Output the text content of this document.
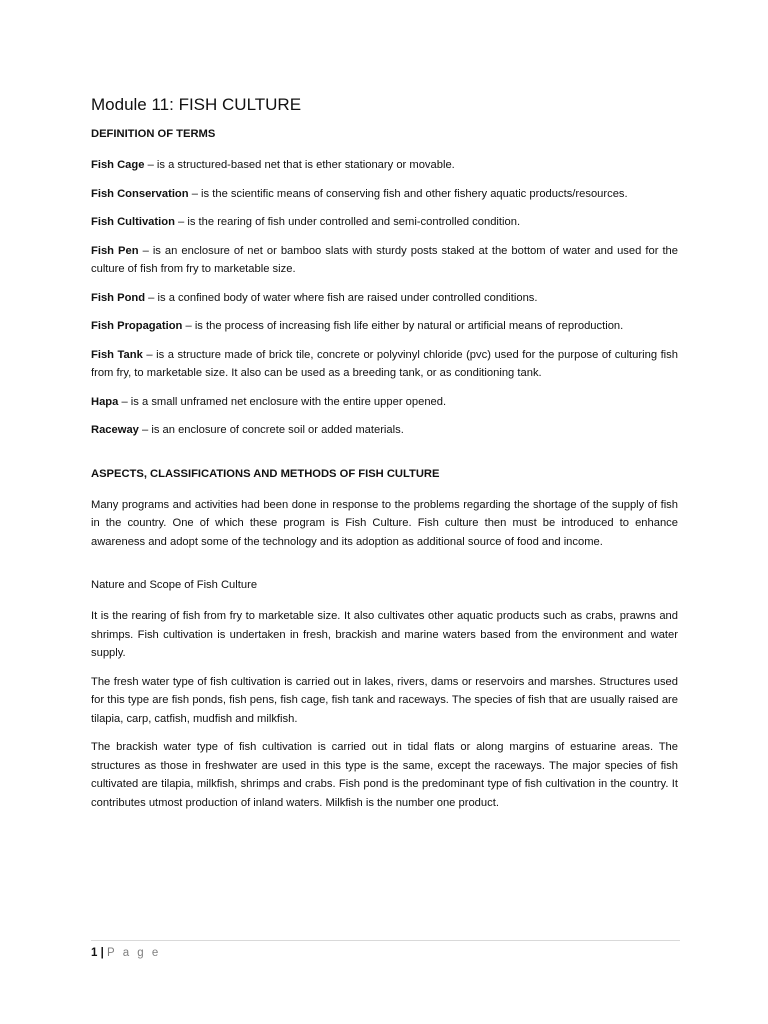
Module 11: FISH CULTURE
DEFINITION OF TERMS

Fish Cage – is a structured-based net that is ether stationary or movable.

Fish Conservation – is the scientific means of conserving fish and other fishery aquatic products/resources.

Fish Cultivation – is the rearing of fish under controlled and semi-controlled condition.

Fish Pen – is an enclosure of net or bamboo slats with sturdy posts staked at the bottom of water and used for the culture of fish from fry to marketable size.

Fish Pond – is a confined body of water where fish are raised under controlled conditions.

Fish Propagation – is the process of increasing fish life either by natural or artificial means of reproduction.

Fish Tank – is a structure made of brick tile, concrete or polyvinyl chloride (pvc) used for the purpose of culturing fish from fry, to marketable size. It also can be used as a breeding tank, or as conditioning tank.

Hapa – is a small unframed net enclosure with the entire upper opened.

Raceway – is an enclosure of concrete soil or added materials.

ASPECTS, CLASSIFICATIONS AND METHODS OF FISH CULTURE

Many programs and activities had been done in response to the problems regarding the shortage of the supply of fish in the country. One of which these program is Fish Culture. Fish culture then must be introduced to enhance awareness and adopt some of the technology and its adoption as additional source of food and income.

Nature and Scope of Fish Culture

It is the rearing of fish from fry to marketable size. It also cultivates other aquatic products such as crabs, prawns and shrimps. Fish cultivation is undertaken in fresh, brackish and marine waters based from the environment and water supply.

The fresh water type of fish cultivation is carried out in lakes, rivers, dams or reservoirs and marshes. Structures used for this type are fish ponds, fish pens, fish cage, fish tank and raceways. The species of fish that are usually raised are tilapia, carp, catfish, mudfish and milkfish.

The brackish water type of fish cultivation is carried out in tidal flats or along margins of estuarine areas. The structures as those in freshwater are used in this type is the same, except the raceways. The major species of fish cultivated are tilapia, milkfish, shrimps and crabs. Fish pond is the predominant type of fish cultivation in the country. It contributes utmost production of inland waters. Milkfish is the number one product.

1 | P a g e
